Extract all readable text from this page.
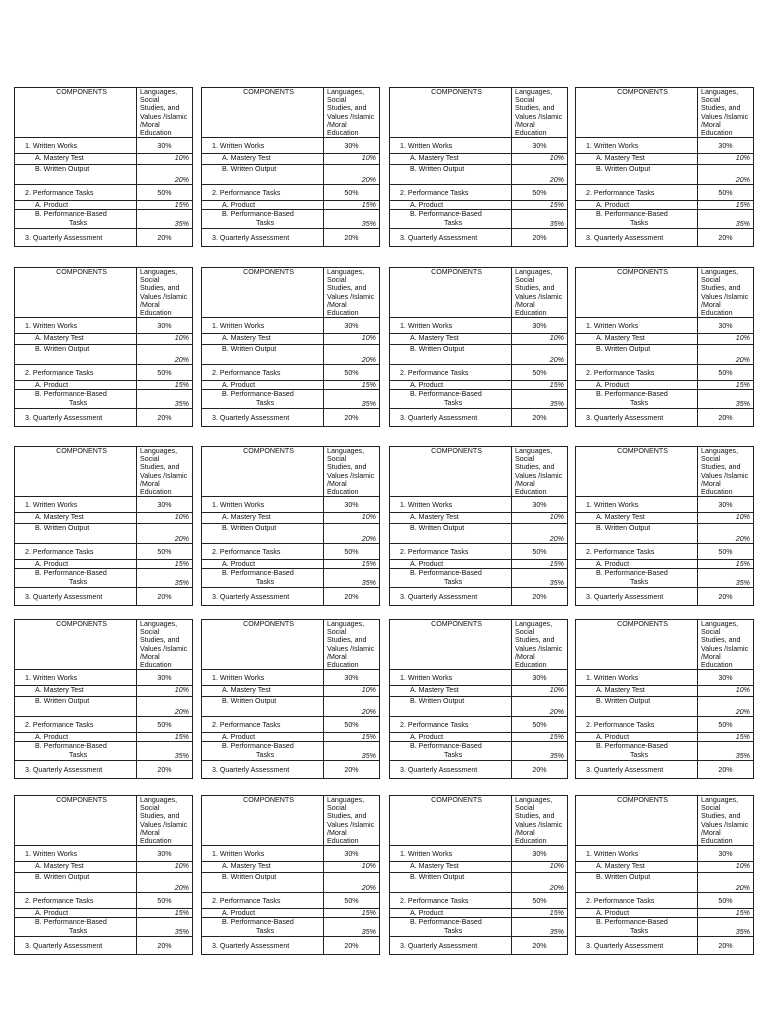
COMPONENTS	Languages, Social
Studies, and
Values /Islamic
/Moral Education
1. Written Works	30%
A. Mastery Test	10%
B. Written Output	20%
2. Performance Tasks	50%
A. Product	15%
B. Performance-Based
Tasks	35%
3. Quarterly Assessment	20%
COMPONENTS	Languages, Social
Studies, and
Values /Islamic
/Moral Education
1. Written Works	30%
A. Mastery Test	10%
B. Written Output	20%
2. Performance Tasks	50%
A. Product	15%
B. Performance-Based
Tasks	35%
3. Quarterly Assessment	20%
COMPONENTS	Languages, Social
Studies, and
Values /Islamic
/Moral Education
1. Written Works	30%
A. Mastery Test	10%
B. Written Output	20%
2. Performance Tasks	50%
A. Product	15%
B. Performance-Based
Tasks	35%
3. Quarterly Assessment	20%
COMPONENTS	Languages, Social
Studies, and
Values /Islamic
/Moral Education
1. Written Works	30%
A. Mastery Test	10%
B. Written Output	20%
2. Performance Tasks	50%
A. Product	15%
B. Performance-Based
Tasks	35%
3. Quarterly Assessment	20%
COMPONENTS	Languages, Social
Studies, and
Values /Islamic
/Moral Education
1. Written Works	30%
A. Mastery Test	10%
B. Written Output	20%
2. Performance Tasks	50%
A. Product	15%
B. Performance-Based
Tasks	35%
3. Quarterly Assessment	20%
COMPONENTS	Languages, Social
Studies, and
Values /Islamic
/Moral Education
1. Written Works	30%
A. Mastery Test	10%
B. Written Output	20%
2. Performance Tasks	50%
A. Product	15%
B. Performance-Based
Tasks	35%
3. Quarterly Assessment	20%
COMPONENTS	Languages, Social
Studies, and
Values /Islamic
/Moral Education
1. Written Works	30%
A. Mastery Test	10%
B. Written Output	20%
2. Performance Tasks	50%
A. Product	15%
B. Performance-Based
Tasks	35%
3. Quarterly Assessment	20%
COMPONENTS	Languages, Social
Studies, and
Values /Islamic
/Moral Education
1. Written Works	30%
A. Mastery Test	10%
B. Written Output	20%
2. Performance Tasks	50%
A. Product	15%
B. Performance-Based
Tasks	35%
3. Quarterly Assessment	20%
COMPONENTS	Languages, Social
Studies, and
Values /Islamic
/Moral Education
1. Written Works	30%
A. Mastery Test	10%
B. Written Output	20%
2. Performance Tasks	50%
A. Product	15%
B. Performance-Based
Tasks	35%
3. Quarterly Assessment	20%
COMPONENTS	Languages, Social
Studies, and
Values /Islamic
/Moral Education
1. Written Works	30%
A. Mastery Test	10%
B. Written Output	20%
2. Performance Tasks	50%
A. Product	15%
B. Performance-Based
Tasks	35%
3. Quarterly Assessment	20%
COMPONENTS	Languages, Social
Studies, and
Values /Islamic
/Moral Education
1. Written Works	30%
A. Mastery Test	10%
B. Written Output	20%
2. Performance Tasks	50%
A. Product	15%
B. Performance-Based
Tasks	35%
3. Quarterly Assessment	20%
COMPONENTS	Languages, Social
Studies, and
Values /Islamic
/Moral Education
1. Written Works	30%
A. Mastery Test	10%
B. Written Output	20%
2. Performance Tasks	50%
A. Product	15%
B. Performance-Based
Tasks	35%
3. Quarterly Assessment	20%
COMPONENTS	Languages, Social
Studies, and
Values /Islamic
/Moral Education
1. Written Works	30%
A. Mastery Test	10%
B. Written Output	20%
2. Performance Tasks	50%
A. Product	15%
B. Performance-Based
Tasks	35%
3. Quarterly Assessment	20%
COMPONENTS	Languages, Social
Studies, and
Values /Islamic
/Moral Education
1. Written Works	30%
A. Mastery Test	10%
B. Written Output	20%
2. Performance Tasks	50%
A. Product	15%
B. Performance-Based
Tasks	35%
3. Quarterly Assessment	20%
COMPONENTS	Languages, Social
Studies, and
Values /Islamic
/Moral Education
1. Written Works	30%
A. Mastery Test	10%
B. Written Output	20%
2. Performance Tasks	50%
A. Product	15%
B. Performance-Based
Tasks	35%
3. Quarterly Assessment	20%
COMPONENTS	Languages, Social
Studies, and
Values /Islamic
/Moral Education
1. Written Works	30%
A. Mastery Test	10%
B. Written Output	20%
2. Performance Tasks	50%
A. Product	15%
B. Performance-Based
Tasks	35%
3. Quarterly Assessment	20%
COMPONENTS	Languages, Social
Studies, and
Values /Islamic
/Moral Education
1. Written Works	30%
A. Mastery Test	10%
B. Written Output	20%
2. Performance Tasks	50%
A. Product	15%
B. Performance-Based
Tasks	35%
3. Quarterly Assessment	20%
COMPONENTS	Languages, Social
Studies, and
Values /Islamic
/Moral Education
1. Written Works	30%
A. Mastery Test	10%
B. Written Output	20%
2. Performance Tasks	50%
A. Product	15%
B. Performance-Based
Tasks	35%
3. Quarterly Assessment	20%
COMPONENTS	Languages, Social
Studies, and
Values /Islamic
/Moral Education
1. Written Works	30%
A. Mastery Test	10%
B. Written Output	20%
2. Performance Tasks	50%
A. Product	15%
B. Performance-Based
Tasks	35%
3. Quarterly Assessment	20%
COMPONENTS	Languages, Social
Studies, and
Values /Islamic
/Moral Education
1. Written Works	30%
A. Mastery Test	10%
B. Written Output	20%
2. Performance Tasks	50%
A. Product	15%
B. Performance-Based
Tasks	35%
3. Quarterly Assessment	20%
